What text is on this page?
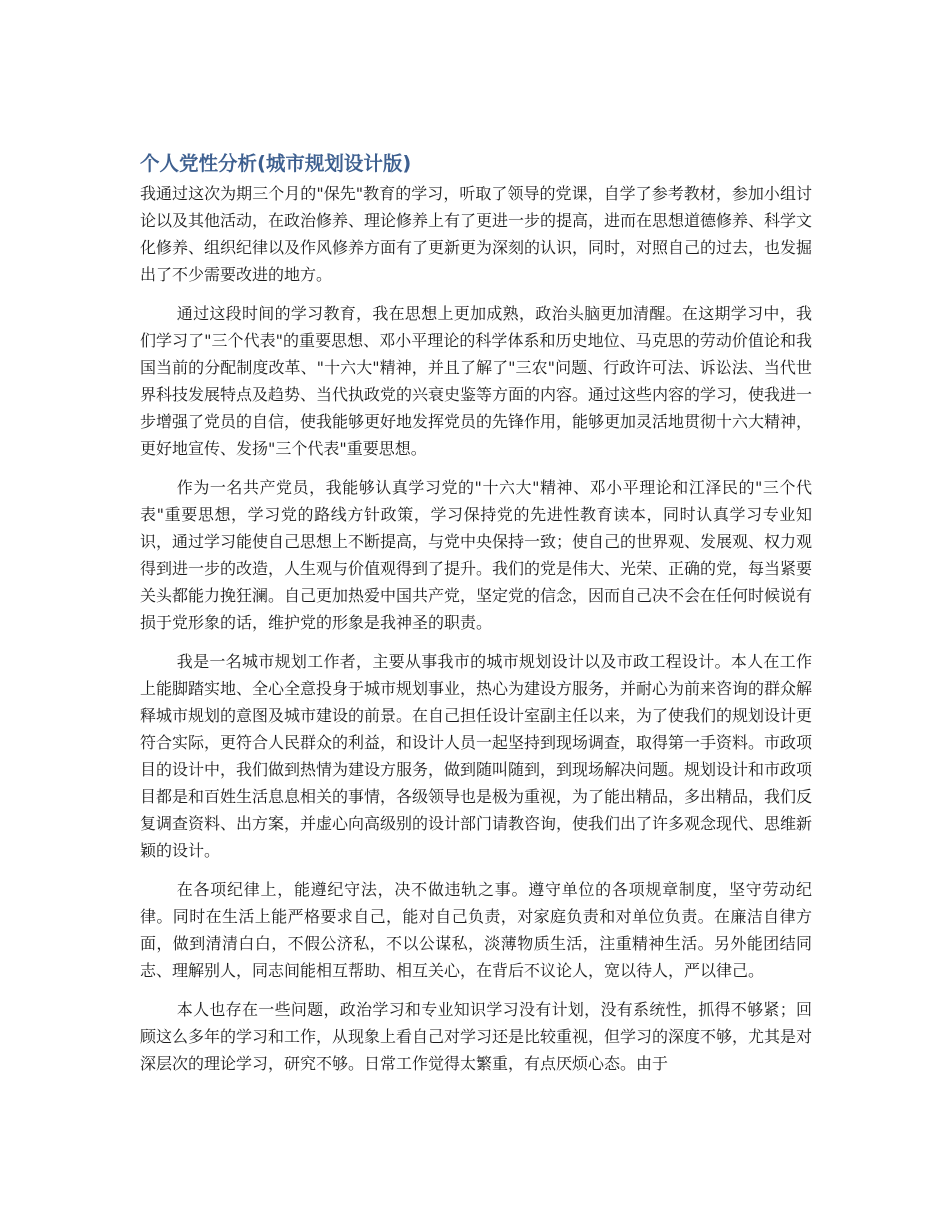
个人党性分析(城市规划设计版)

我通过这次为期三个月的"保先"教育的学习，听取了领导的党课，自学了参考教材，参加小组讨论以及其他活动，在政治修养、理论修养上有了更进一步的提高，进而在思想道德修养、科学文化修养、组织纪律以及作风修养方面有了更新更为深刻的认识，同时，对照自己的过去，也发掘出了不少需要改进的地方。

通过这段时间的学习教育，我在思想上更加成熟，政治头脑更加清醒。在这期学习中，我们学习了"三个代表"的重要思想、邓小平理论的科学体系和历史地位、马克思的劳动价值论和我国当前的分配制度改革、"十六大"精神，并且了解了"三农"问题、行政许可法、诉讼法、当代世界科技发展特点及趋势、当代执政党的兴衰史鉴等方面的内容。通过这些内容的学习，使我进一步增强了党员的自信，使我能够更好地发挥党员的先锋作用，能够更加灵活地贯彻十六大精神，更好地宣传、发扬"三个代表"重要思想。

作为一名共产党员，我能够认真学习党的"十六大"精神、邓小平理论和江泽民的"三个代表"重要思想，学习党的路线方针政策，学习保持党的先进性教育读本，同时认真学习专业知识，通过学习能使自己思想上不断提高，与党中央保持一致；使自己的世界观、发展观、权力观得到进一步的改造，人生观与价值观得到了提升。我们的党是伟大、光荣、正确的党，每当紧要关头都能力挽狂澜。自己更加热爱中国共产党，坚定党的信念，因而自己决不会在任何时候说有损于党形象的话，维护党的形象是我神圣的职责。

我是一名城市规划工作者，主要从事我市的城市规划设计以及市政工程设计。本人在工作上能脚踏实地、全心全意投身于城市规划事业，热心为建设方服务，并耐心为前来咨询的群众解释城市规划的意图及城市建设的前景。在自己担任设计室副主任以来，为了使我们的规划设计更符合实际，更符合人民群众的利益，和设计人员一起坚持到现场调查，取得第一手资料。市政项目的设计中，我们做到热情为建设方服务，做到随叫随到，到现场解决问题。规划设计和市政项目都是和百姓生活息息相关的事情，各级领导也是极为重视，为了能出精品，多出精品，我们反复调查资料、出方案，并虚心向高级别的设计部门请教咨询，使我们出了许多观念现代、思维新颖的设计。

在各项纪律上，能遵纪守法，决不做违轨之事。遵守单位的各项规章制度，坚守劳动纪律。同时在生活上能严格要求自己，能对自己负责，对家庭负责和对单位负责。在廉洁自律方面，做到清清白白，不假公济私，不以公谋私，淡薄物质生活，注重精神生活。另外能团结同志、理解别人，同志间能相互帮助、相互关心，在背后不议论人，宽以待人，严以律己。

本人也存在一些问题，政治学习和专业知识学习没有计划，没有系统性，抓得不够紧；回顾这么多年的学习和工作，从现象上看自己对学习还是比较重视，但学习的深度不够，尤其是对深层次的理论学习，研究不够。日常工作觉得太繁重，有点厌烦心态。由于
